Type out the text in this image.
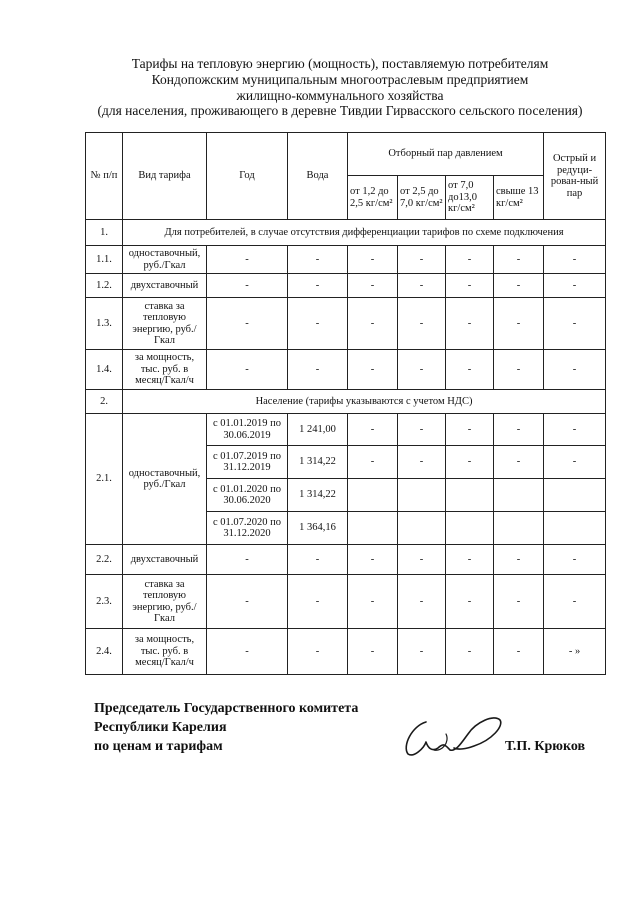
Тарифы на тепловую энергию (мощность), поставляемую потребителям
Кондопожским муниципальным многоотраслевым предприятием
жилищно-коммунального хозяйства
(для населения, проживающего в деревне Тивдии Гирвасского сельского поселения)
№ п/п	Вид тарифа	Год	Вода	Отборный пар давлением				Острый и редуци-рован-ный пар
				от 1,2 до 2,5 кг/см²	от 2,5 до 7,0 кг/см²	от 7,0 до13,0 кг/см²	свыше 13 кг/см²	
1.	Для потребителей, в случае отсутствия дифференциации тарифов по схеме подключения							
1.1.	одноставочный, руб./Гкал	-	-	-	-	-	-	-
1.2.	двухставочный	-	-	-	-	-	-	-
1.3.	ставка за тепловую энергию, руб./Гкал	-	-	-	-	-	-	-
1.4.	за мощность, тыс. руб. в месяц/Гкал/ч	-	-	-	-	-	-	-
2.	Население (тарифы указываются с учетом НДС)							
2.1.	одноставочный, руб./Гкал	с 01.01.2019 по 30.06.2019	1 241,00	-	-	-	-	-
		с 01.07.2019 по 31.12.2019	1 314,22	-	-	-	-	-
		с 01.01.2020 по 30.06.2020	1 314,22					
		с 01.07.2020 по 31.12.2020	1 364,16					
2.2.	двухставочный	-	-	-	-	-	-	-
2.3.	ставка за тепловую энергию, руб./Гкал	-	-	-	-	-	-	-
2.4.	за мощность, тыс. руб. в месяц/Гкал/ч	-	-	-	-	-	-	- »
Председатель Государственного комитета
Республики Карелия
по ценам и тарифам	Т.П. Крюков
